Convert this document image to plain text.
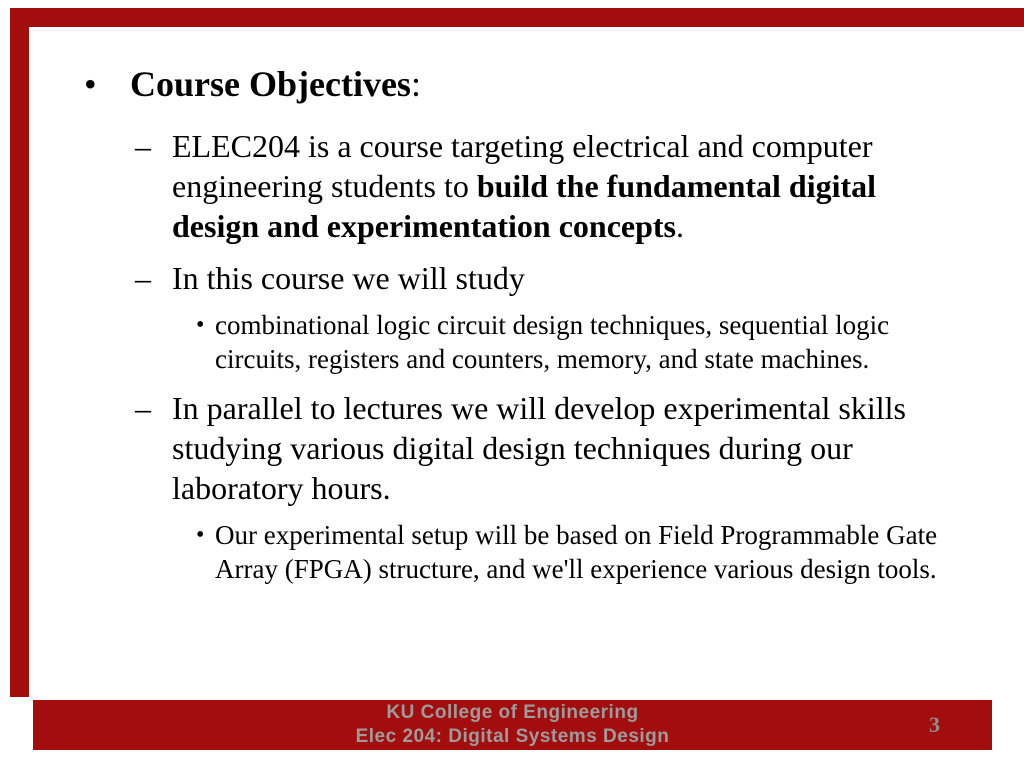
• Course Objectives:
– ELEC204 is a course targeting electrical and computer engineering students to build the fundamental digital design and experimentation concepts.
– In this course we will study
• combinational logic circuit design techniques, sequential logic circuits, registers and counters, memory, and state machines.
– In parallel to lectures we will develop experimental skills studying various digital design techniques during our laboratory hours.
• Our experimental setup will be based on Field Programmable Gate Array (FPGA) structure, and we'll experience various design tools.
KU College of Engineering
Elec 204: Digital Systems Design	3
